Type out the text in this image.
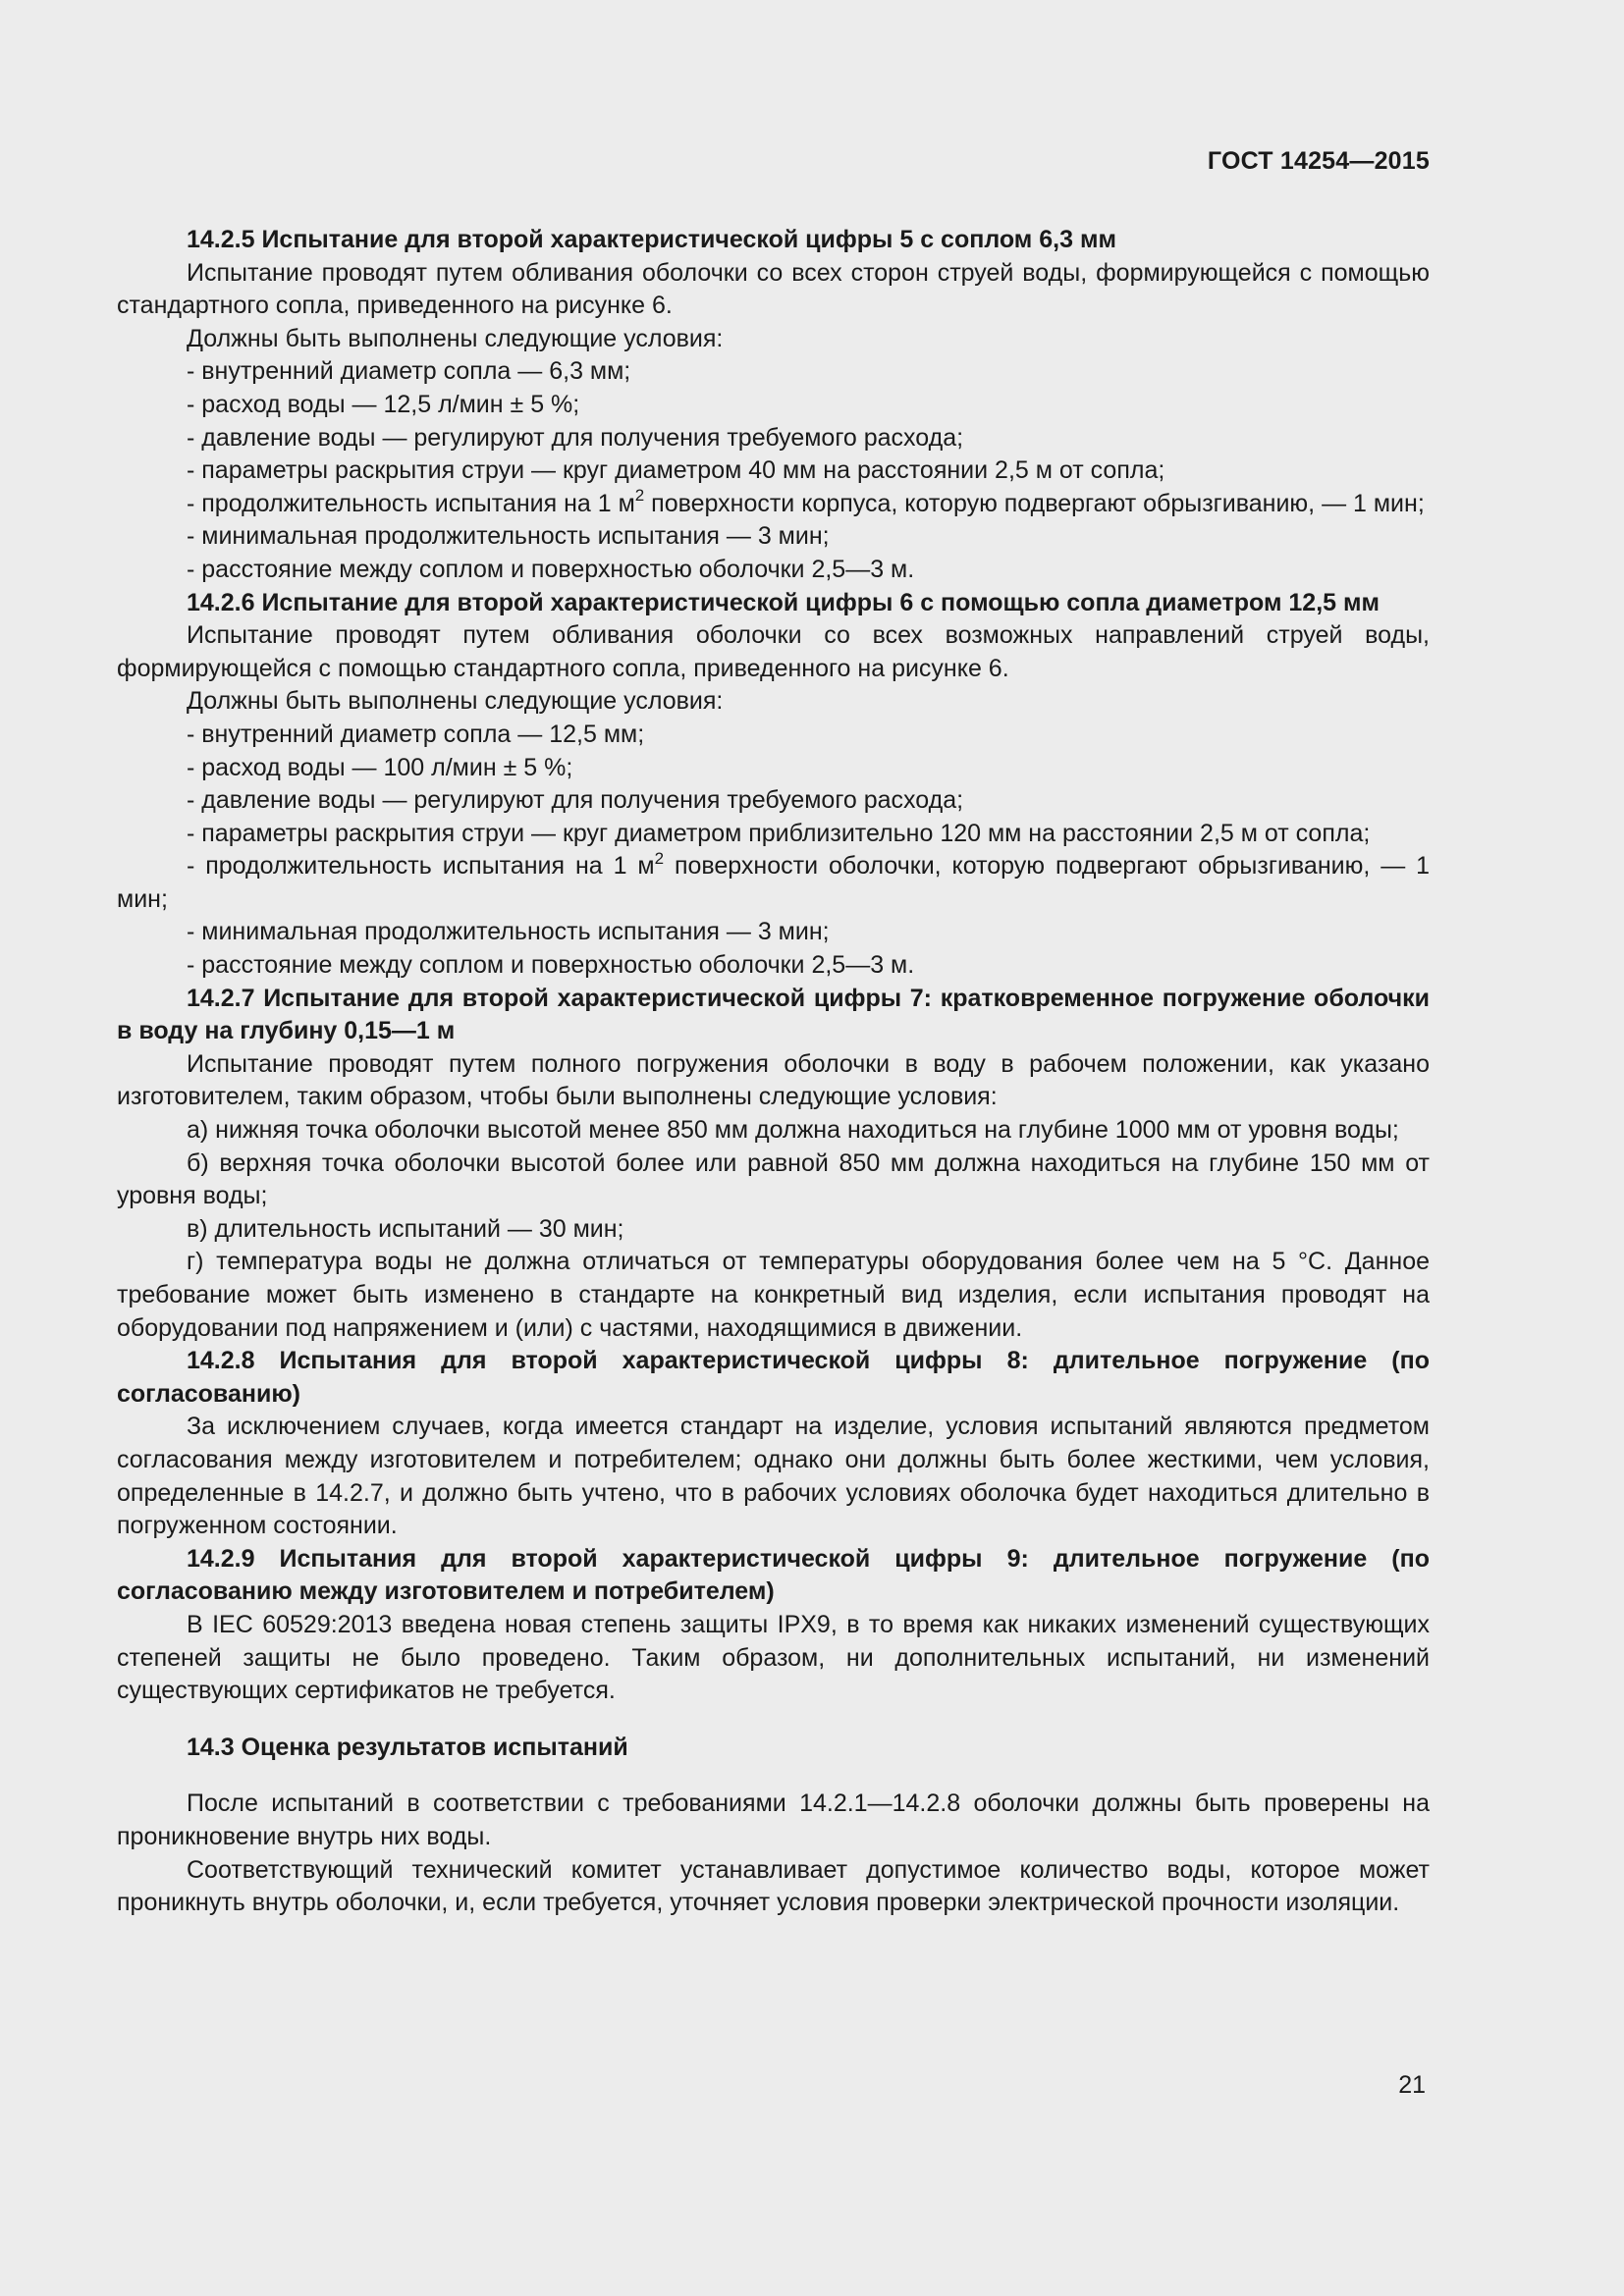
ГОСТ 14254—2015

14.2.5 Испытание для второй характеристической цифры 5 с соплом 6,3 мм

Испытание проводят путем обливания оболочки со всех сторон струей воды, формирующейся с помощью стандартного сопла, приведенного на рисунке 6.

Должны быть выполнены следующие условия:

- внутренний диаметр сопла — 6,3 мм;

- расход воды — 12,5 л/мин ± 5 %;

- давление воды — регулируют для получения требуемого расхода;

- параметры раскрытия струи — круг диаметром 40 мм на расстоянии 2,5 м от сопла;

- продолжительность испытания на 1 $м^2$ поверхности корпуса, которую подвергают обрызгиванию, — 1 мин;

- минимальная продолжительность испытания — 3 мин;

- расстояние между соплом и поверхностью оболочки 2,5—3 м.

14.2.6 Испытание для второй характеристической цифры 6 с помощью сопла диаметром 12,5 мм

Испытание проводят путем обливания оболочки со всех возможных направлений струей воды, формирующейся с помощью стандартного сопла, приведенного на рисунке 6.

Должны быть выполнены следующие условия:

- внутренний диаметр сопла — 12,5 мм;

- расход воды — 100 л/мин ± 5 %;

- давление воды — регулируют для получения требуемого расхода;

- параметры раскрытия струи — круг диаметром приблизительно 120 мм на расстоянии 2,5 м от сопла;

- продолжительность испытания на 1 $м^2$ поверхности оболочки, которую подвергают обрызгиванию, — 1 мин;

- минимальная продолжительность испытания — 3 мин;

- расстояние между соплом и поверхностью оболочки 2,5—3 м.

14.2.7 Испытание для второй характеристической цифры 7: кратковременное погружение оболочки в воду на глубину 0,15—1 м

Испытание проводят путем полного погружения оболочки в воду в рабочем положении, как указано изготовителем, таким образом, чтобы были выполнены следующие условия:

а) нижняя точка оболочки высотой менее 850 мм должна находиться на глубине 1000 мм от уровня воды;

б) верхняя точка оболочки высотой более или равной 850 мм должна находиться на глубине 150 мм от уровня воды;

в) длительность испытаний — 30 мин;

г) температура воды не должна отличаться от температуры оборудования более чем на 5 °С. Данное требование может быть изменено в стандарте на конкретный вид изделия, если испытания проводят на оборудовании под напряжением и (или) с частями, находящимися в движении.

14.2.8 Испытания для второй характеристической цифры 8: длительное погружение (по согласованию)

За исключением случаев, когда имеется стандарт на изделие, условия испытаний являются предметом согласования между изготовителем и потребителем; однако они должны быть более жесткими, чем условия, определенные в 14.2.7, и должно быть учтено, что в рабочих условиях оболочка будет находиться длительно в погруженном состоянии.

14.2.9 Испытания для второй характеристической цифры 9: длительное погружение (по согласованию между изготовителем и потребителем)

В IEC 60529:2013 введена новая степень защиты IPX9, в то время как никаких изменений существующих степеней защиты не было проведено. Таким образом, ни дополнительных испытаний, ни изменений существующих сертификатов не требуется.

14.3 Оценка результатов испытаний

После испытаний в соответствии с требованиями 14.2.1—14.2.8 оболочки должны быть проверены на проникновение внутрь них воды.

Соответствующий технический комитет устанавливает допустимое количество воды, которое может проникнуть внутрь оболочки, и, если требуется, уточняет условия проверки электрической прочности изоляции.

21
